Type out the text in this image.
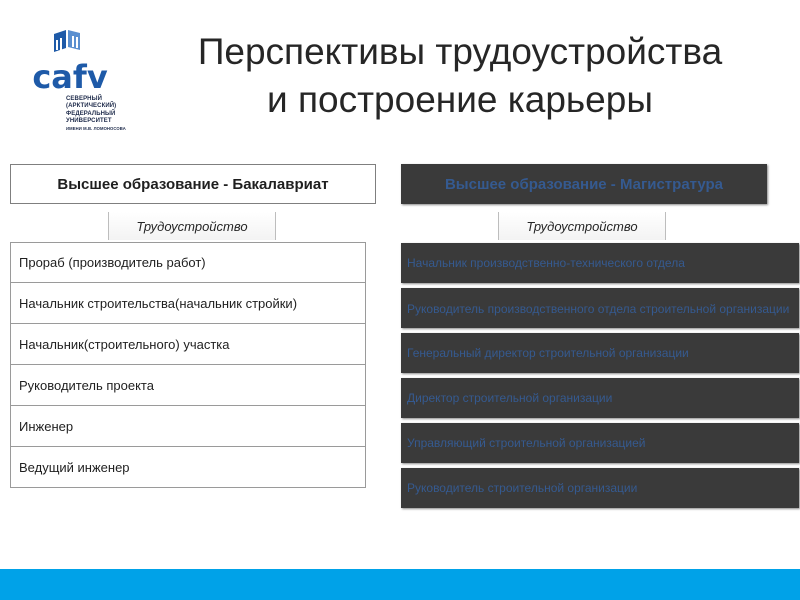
cafv
СЕВЕРНЫЙ
(АРКТИЧЕСКИЙ)
ФЕДЕРАЛЬНЫЙ
УНИВЕРСИТЕТ
ИМЕНИ М.В. ЛОМОНОСОВА
Перспективы трудоустройства
и построение карьеры
Высшее образование - Бакалавриат	Высшее образование - Магистратура
Трудоустройство	Трудоустройство
Прораб (производитель работ)
Начальник строительства(начальник стройки)
Начальник(строительного) участка
Руководитель проекта
Инженер
Ведущий инженер
Начальник производственно-технического отдела
Руководитель производственного отдела строительной организации
Генеральный директор строительной организации
Директор строительной организации
Управляющий строительной организацией
Руководитель строительной организации
